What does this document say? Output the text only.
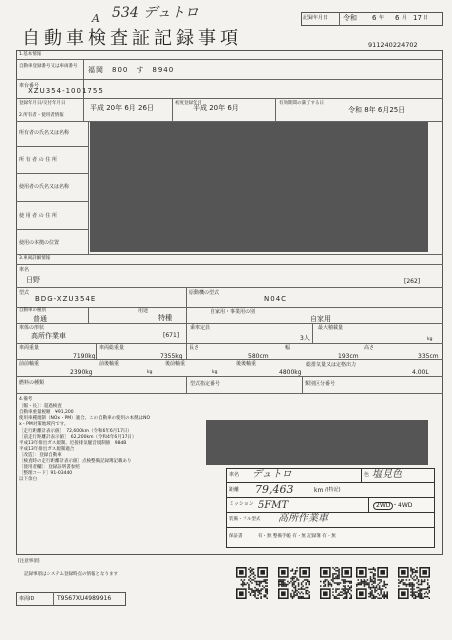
A 534 デュトロ	記録年月日 令和 6 年 6 月 17 日
自動車検査証記録事項	911240224702
1.基本情報
自動車登録番号又は車両番号 福岡　800　す　8940
車台番号
XZU354-1001755
登録年月日/交付年月日
平成 20年 6月 26日
初度登録年月
平成 20年 6月
有効期間の満了する日
令和 8年 6月25日
2.所有者・使用者情報
所有者の氏名又は名称
所 有 者 の 住 所
使用者の氏名又は名称
使 用 者 の 住 所
使用の本拠の位置
3.車両詳細情報
車名
日野	[262]
型式
BDG-XZU354E
原動機の型式
N04C
自動車の種別
普通
用途
特種
自家用・事業用の別
自家用
車体の形状
高所作業車	[671]
乗車定員
3人
最大積載量
kg
車両重量
7190kg
車両総重量
7355kg
長さ
580cm
幅
193cm
高さ
335cm
前前軸重
2390kg
前後軸重
kg
後前軸重
kg
後後軸重
4800kg
総排気量又は定格出力
4.00L
燃料の種類	型式指定番号	類別区分番号
4.備考
［幅・長］：超過検査
自動車重量税額　¥91,200
使用車種規制（NOx・PM）適合。この自動車の使用の本拠はNO
x・PM対策地域内です。
［走行距離計表示値］　72,600km（令和6年6月17日）
［前走行距離計表示値］　62,200km（令和4年6月17日）
平成13年排出ガス規制。近接排気騒音規制値　98dB
平成13年排出ガス規制適合
［改造］：登録自動車
［検査時の走行距離計表示値］点検整備記録簿記載あり
［使用者欄］：登録証明書参照
［整理コード］91-03440
以下余白
車名 デュトロ	色 塩見色
距離 79,463	km /(特記)
ミッション 5FMT	2WD ・4WD
装備・フル型式 高所作業車
保証書	有・無 整備手帳 有・無 記録簿 有・無
[注意事項]
記録事項はシステム登録時点の情報となります
車両ID	T9567XU4989916
